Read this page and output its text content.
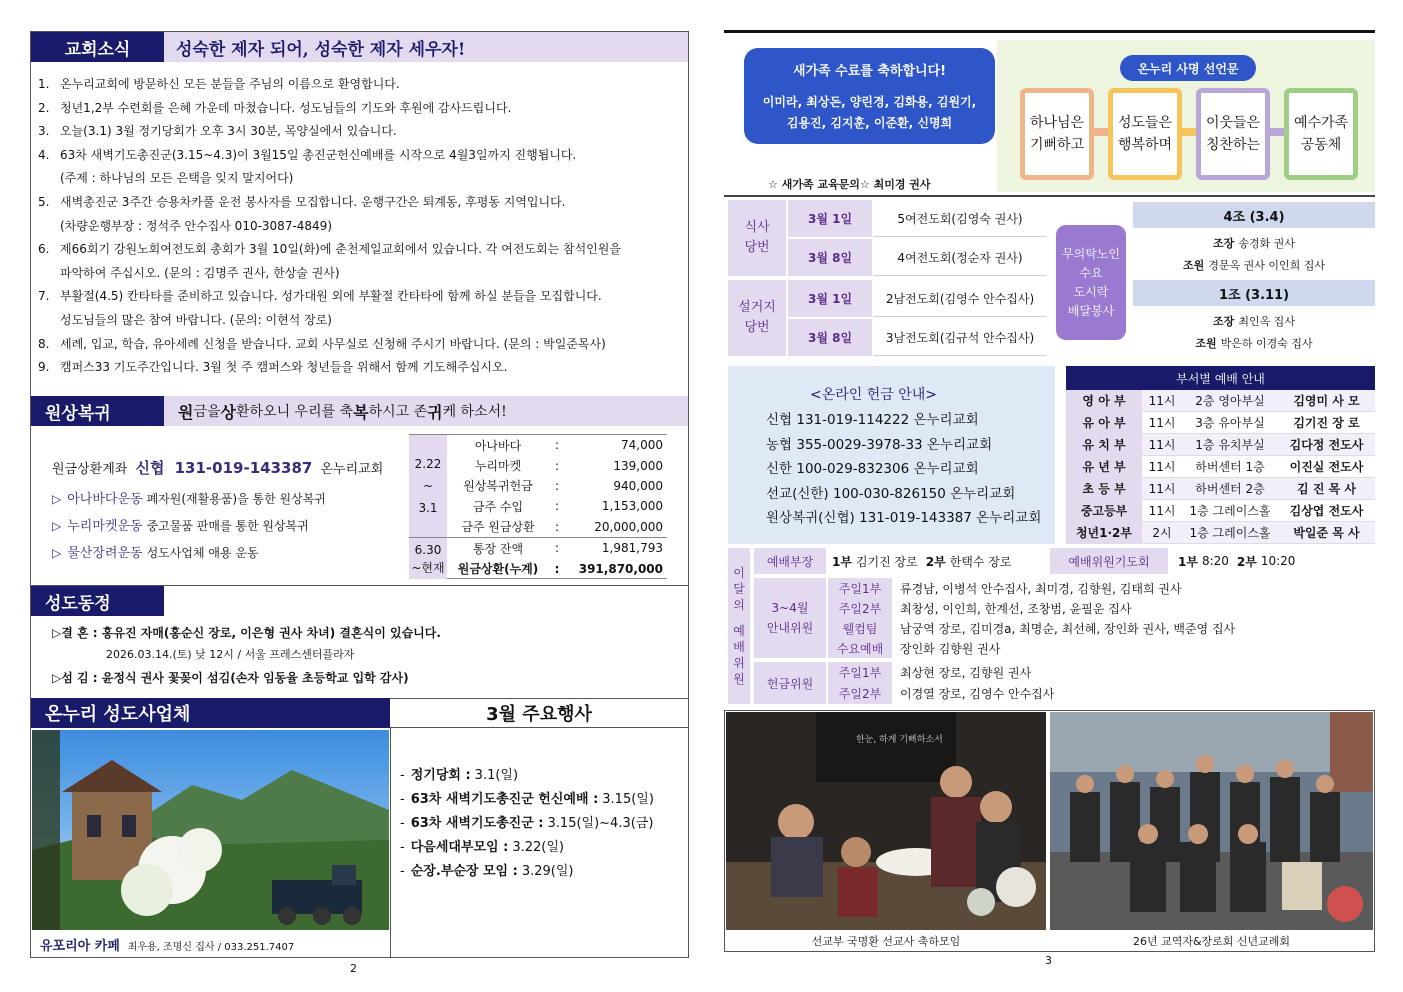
교회소식	성숙한 제자 되어, 성숙한 제자 세우자!
1. 온누리교회에 방문하신 모든 분들을 주님의 이름으로 환영합니다.
2. 청년1,2부 수련회를 은혜 가운데 마쳤습니다. 성도님들의 기도와 후원에 감사드립니다.
3. 오늘(3.1) 3월 정기당회가 오후 3시 30분, 목양실에서 있습니다.
4. 63차 새벽기도총진군(3.15~4.3)이 3월15일 총진군헌신예배를 시작으로 4월3일까지 진행됩니다.
(주제 : 하나님의 모든 은택을 잊지 말지어다)
5. 새벽총진군 3주간 승용차카풀 운전 봉사자를 모집합니다. 운행구간은 퇴계동, 후평동 지역입니다.
(차량운행부장 : 정석주 안수집사 010-3087-4849)
6. 제66회기 강원노회여전도회 총회가 3월 10일(화)에 춘천제일교회에서 있습니다. 각 여전도회는 참석인원을
파악하여 주십시오. (문의 : 김명주 권사, 한상술 권사)
7. 부활절(4.5) 칸타타를 준비하고 있습니다. 성가대원 외에 부활절 칸타타에 함께 하실 분들을 모집합니다.
성도님들의 많은 참여 바랍니다. (문의: 이현석 장로)
8. 세례, 입교, 학습, 유아세례 신청을 받습니다. 교회 사무실로 신청해 주시기 바랍니다. (문의 : 박일준목사)
9. 캠퍼스33 기도주간입니다. 3월 첫 주 캠퍼스와 청년들을 위해서 함께 기도해주십시오.
원상복귀	원 금을 상 환하오니 우리를 축 복 하시고 존 귀 케 하소서!
원금상환계좌 신협 131-019-143387 온누리교회
▷ 아나바다운동 폐자원(재활용품)을 통한 원상복귀
▷ 누리마켓운동 중고물품 판매를 통한 원상복귀
▷ 물산장려운동 성도사업체 애용 운동
2.22
~
3.1
6.30
~현재
아나바다	:	74,000
누리마켓	:	139,000
원상복귀헌금	:	940,000
금주 수입	:	1,153,000
금주 원금상환	:	20,000,000
통장 잔액	:	1,981,793
원금상환(누계)	:	391,870,000
성도동정
▷결 혼 : 홍유진 자매(홍순신 장로, 이은형 권사 차녀) 결혼식이 있습니다.
2026.03.14.(토) 낮 12시 / 서울 프레스센터플라자
▷섬 김 : 윤정식 권사 꽃꽂이 섬김(손자 임동율 초등학교 입학 감사)
온누리 성도사업체	3월 주요행사
유포리아 카페 최우용, 조명신 집사 / 033.251.7407
- 정기당회 : 3.1(일)
- 63차 새벽기도총진군 헌신예배 : 3.15(일)
- 63차 새벽기도총진군 : 3.15(일)~4.3(금)
- 다음세대부모임 : 3.22(일)
- 순장.부순장 모임 : 3.29(일)
2
새가족 수료를 축하합니다!
이미라, 최상돈, 양린경, 김화용, 김원기,
김용진, 김지훈, 이준환, 신명희
☆ 새가족 교육문의☆ 최미경 권사
온누리 사명 선언문
하나님은
기뻐하고
성도들은
행복하며
이웃들은
칭찬하는
예수가족
공동체
식사 당번
3월 1일	5여전도회(김영숙 권사)
3월 8일	4여전도회(정순자 권사)
설거지 당번
3월 1일	2남전도회(김영수 안수집사)
3월 8일	3남전도회(김규석 안수집사)
무의탁노인
수요
도시락
배달봉사
4조 (3.4)
조장 송경화 권사
조원 경문옥 권사 이인희 집사
1조 (3.11)
조장 최인옥 집사
조원 박은하 이경숙 집사
<온라인 헌금 안내>
신협 131-019-114222 온누리교회
농협 355-0029-3978-33 온누리교회
신한 100-029-832306 온누리교회
선교(신한) 100-030-826150 온누리교회
원상복귀(신협) 131-019-143387 온누리교회
부서별 예배 안내
영 아 부	11시	2층 영아부실	김영미 사 모
유 아 부	11시	3층 유아부실	김기진 장 로
유 치 부	11시	1층 유치부실	김다정 전도사
유 년 부	11시	하버센터 1층	이진실 전도사
초 등 부	11시	하버센터 2층	김 진 목 사
중고등부	11시	1층 그레이스홀	김상엽 전도사
청년1·2부	2시	1층 그레이스홀	박일준 목 사
이
달
의
예
배
위
원
예배부장	1부 김기진 장로 2부 한택수 장로	예배위원기도회	1부 8:20 2부 10:20
3~4월
안내위원
주일1부	류경남, 이병석 안수집사, 최미경, 김향원, 김태희 권사
주일2부	최창성, 이인희, 한계선, 조창범, 윤필운 집사
웰컴팀	남궁역 장로, 김미경a, 최명순, 최선혜, 장인화 권사, 백준영 집사
수요예배	장인화 김향원 권사
헌금위원
주일1부	최상현 장로, 김향원 권사
주일2부	이경열 장로, 김영수 안수집사
한눈, 하게 기뻐하소서
선교부 국명환 선교사 축하모임	26년 교역자&장로회 신년교례회
3
